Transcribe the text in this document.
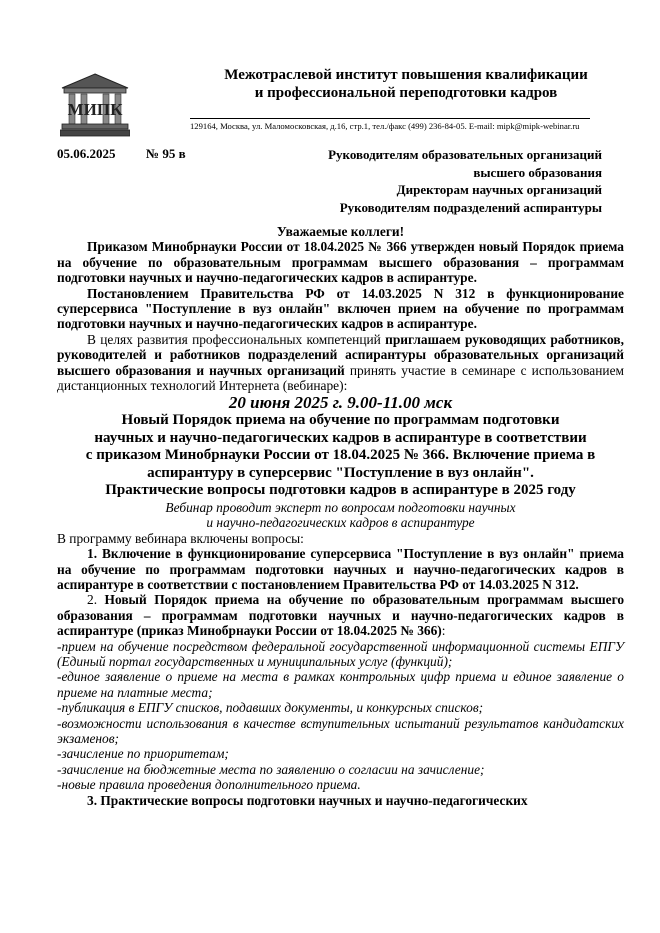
МИПК
Межотраслевой институт повышения квалификации
и профессиональной переподготовки кадров
129164, Москва, ул. Маломосковская, д.16, стр.1, тел./факс (499) 236-84-05. E-mail: mipk@mipk-webinar.ru
05.06.2025 № 95 в	Руководителям образовательных организаций
высшего образования
Директорам научных организаций
Руководителям подразделений аспирантуры

Уважаемые коллеги!

Приказом Минобрнауки России от 18.04.2025 № 366 утвержден новый Порядок приема на обучение по образовательным программам высшего образования – программам подготовки научных и научно-педагогических кадров в аспирантуре.

Постановлением Правительства РФ от 14.03.2025 N 312 в функционирование суперсервиса "Поступление в вуз онлайн" включен прием на обучение по программам подготовки научных и научно-педагогических кадров в аспирантуре.

В целях развития профессиональных компетенций приглашаем руководящих работников, руководителей и работников подразделений аспирантуры образовательных организаций высшего образования и научных организаций принять участие в семинаре с использованием дистанционных технологий Интернета (вебинаре):

20 июня 2025 г. 9.00-11.00 мск

Новый Порядок приема на обучение по программам подготовки
научных и научно-педагогических кадров в аспирантуре в соответствии
с приказом Минобрнауки России от 18.04.2025 № 366. Включение приема в
аспирантуру в суперсервис "Поступление в вуз онлайн".
Практические вопросы подготовки кадров в аспирантуре в 2025 году
Вебинар проводит эксперт по вопросам подготовки научных
и научно-педагогических кадров в аспирантуре

В программу вебинара включены вопросы:

1. Включение в функционирование суперсервиса "Поступление в вуз онлайн" приема на обучение по программам подготовки научных и научно-педагогических кадров в аспирантуре в соответствии с постановлением Правительства РФ от 14.03.2025 N 312.

2. Новый Порядок приема на обучение по образовательным программам высшего образования – программам подготовки научных и научно-педагогических кадров в аспирантуре (приказ Минобрнауки России от 18.04.2025 № 366):

-прием на обучение посредством федеральной государственной информационной системы ЕПГУ (Единый портал государственных и муниципальных услуг (функций);

-единое заявление о приеме на места в рамках контрольных цифр приема и единое заявление о приеме на платные места;

-публикация в ЕПГУ списков, подавших документы, и конкурсных списков;

-возможности использования в качестве вступительных испытаний результатов кандидатских экзаменов;

-зачисление по приоритетам;

-зачисление на бюджетные места по заявлению о согласии на зачисление;

-новые правила проведения дополнительного приема.

3. Практические вопросы подготовки научных и научно-педагогических
